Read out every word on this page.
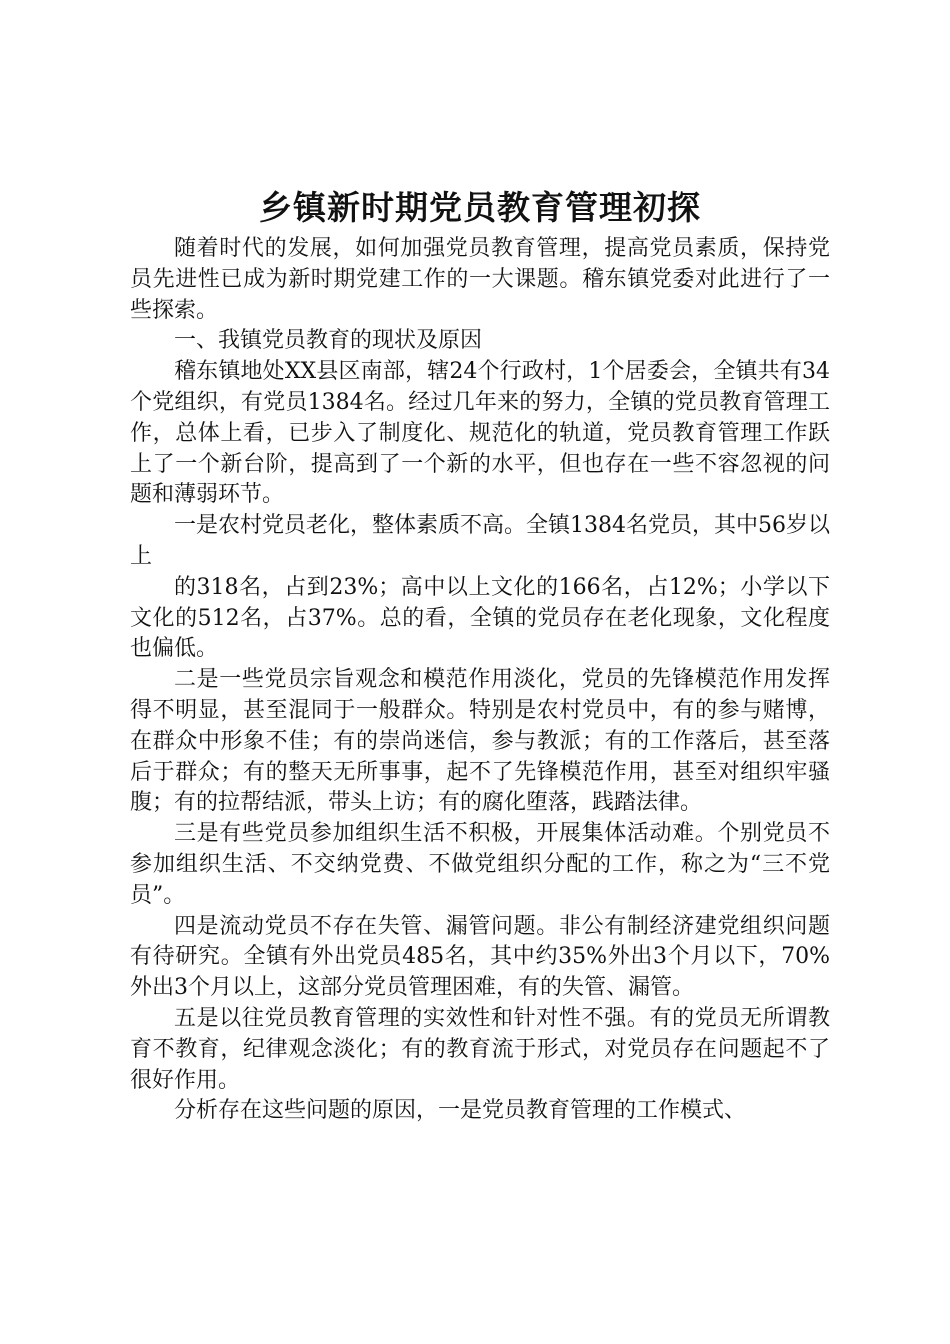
乡镇新时期党员教育管理初探

随着时代的发展，如何加强党员教育管理，提高党员素质，保持党员先进性已成为新时期党建工作的一大课题。稽东镇党委对此进行了一些探索。

一、我镇党员教育的现状及原因

稽东镇地处XX县区南部，辖24个行政村，1个居委会，全镇共有34个党组织，有党员1384名。经过几年来的努力，全镇的党员教育管理工作，总体上看，已步入了制度化、规范化的轨道，党员教育管理工作跃上了一个新台阶，提高到了一个新的水平，但也存在一些不容忽视的问题和薄弱环节。

一是农村党员老化，整体素质不高。全镇1384名党员，其中56岁以上

的318名，占到23%；高中以上文化的166名，占12%；小学以下文化的512名，占37%。总的看，全镇的党员存在老化现象，文化程度也偏低。

二是一些党员宗旨观念和模范作用淡化，党员的先锋模范作用发挥得不明显，甚至混同于一般群众。特别是农村党员中，有的参与赌博，在群众中形象不佳；有的崇尚迷信，参与教派；有的工作落后，甚至落后于群众；有的整天无所事事，起不了先锋模范作用，甚至对组织牢骚腹；有的拉帮结派，带头上访；有的腐化堕落，践踏法律。

三是有些党员参加组织生活不积极，开展集体活动难。个别党员不参加组织生活、不交纳党费、不做党组织分配的工作，称之为“三不党员”。

四是流动党员不存在失管、漏管问题。非公有制经济建党组织问题有待研究。全镇有外出党员485名，其中约35%外出3个月以下，70%外出3个月以上，这部分党员管理困难，有的失管、漏管。

五是以往党员教育管理的实效性和针对性不强。有的党员无所谓教育不教育，纪律观念淡化；有的教育流于形式，对党员存在问题起不了很好作用。

分析存在这些问题的原因，一是党员教育管理的工作模式、
